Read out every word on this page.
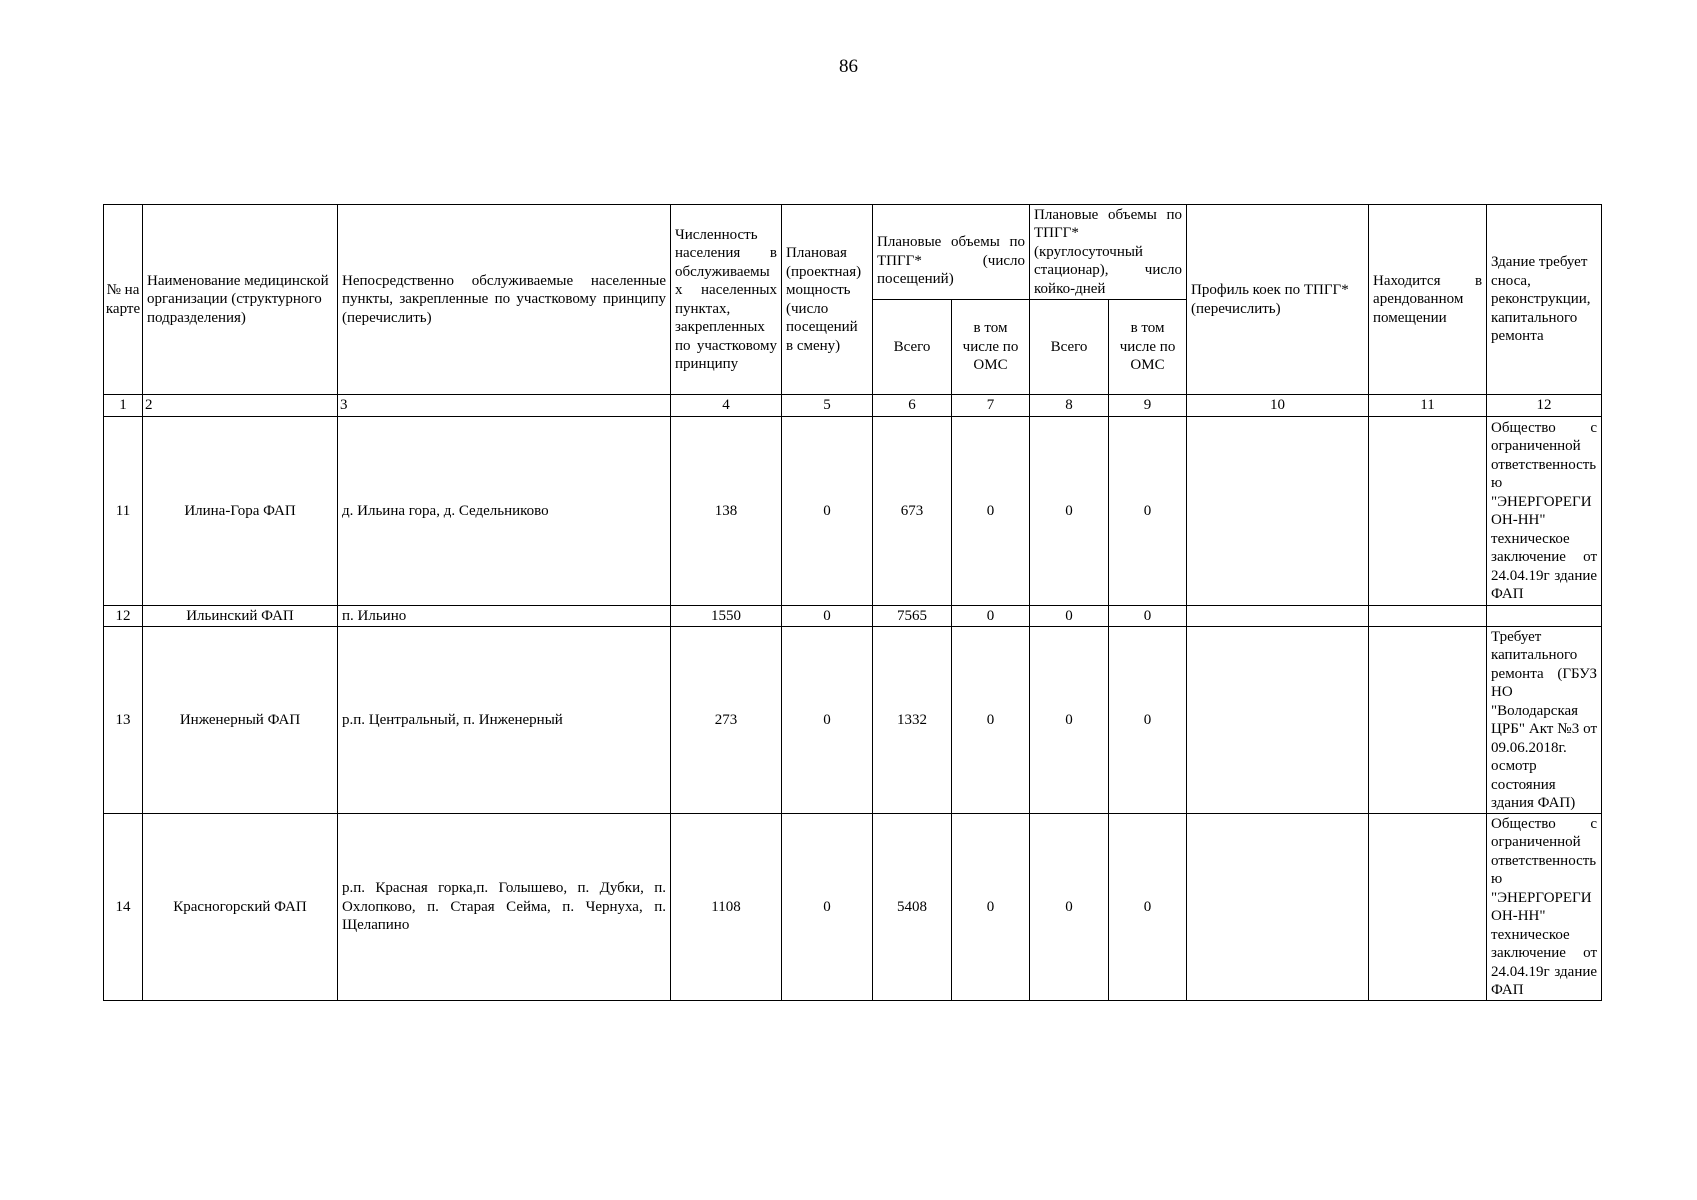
86
№ на карте	Наименование медицинской организации (структурного подразделения)	Непосредственно обслуживаемые населенные пункты, закрепленные по участковому принципу (перечислить)	Численность населения в обслуживаемых населенных пунктах, закрепленных по участковому принципу	Плановая (проектная) мощность (число посещений в смену)	Плановые объемы по ТПГГ* (число посещений)		Плановые объемы по ТПГГ* (круглосуточный стационар), число койко-дней		Профиль коек по ТПГГ* (перечислить)	Находится в арендованном помещении	Здание требует сноса, реконструкции, капитального ремонта
					Всего	в том числе по ОМС	Всего	в том числе по ОМС			
1	2	3	4	5	6	7	8	9	10	11	12
11	Илина-Гора ФАП	д. Ильина гора, д. Седельниково	138	0	673	0	0	0			Общество с ограниченной ответственностью "ЭНЕРГОРЕГИОН-НН" техническое заключение от 24.04.19г здание ФАП
12	Ильинский ФАП	п. Ильино	1550	0	7565	0	0	0			
13	Инженерный ФАП	р.п. Центральный, п. Инженерный	273	0	1332	0	0	0			Требует капитального ремонта (ГБУЗ НО "Володарская ЦРБ" Акт №3 от 09.06.2018г. осмотр состояния здания ФАП)
14	Красногорский ФАП	р.п. Красная горка,п. Голышево, п. Дубки, п. Охлопково, п. Старая Сейма, п. Чернуха, п. Щелапино	1108	0	5408	0	0	0			Общество с ограниченной ответственностью "ЭНЕРГОРЕГИОН-НН" техническое заключение от 24.04.19г здание ФАП
